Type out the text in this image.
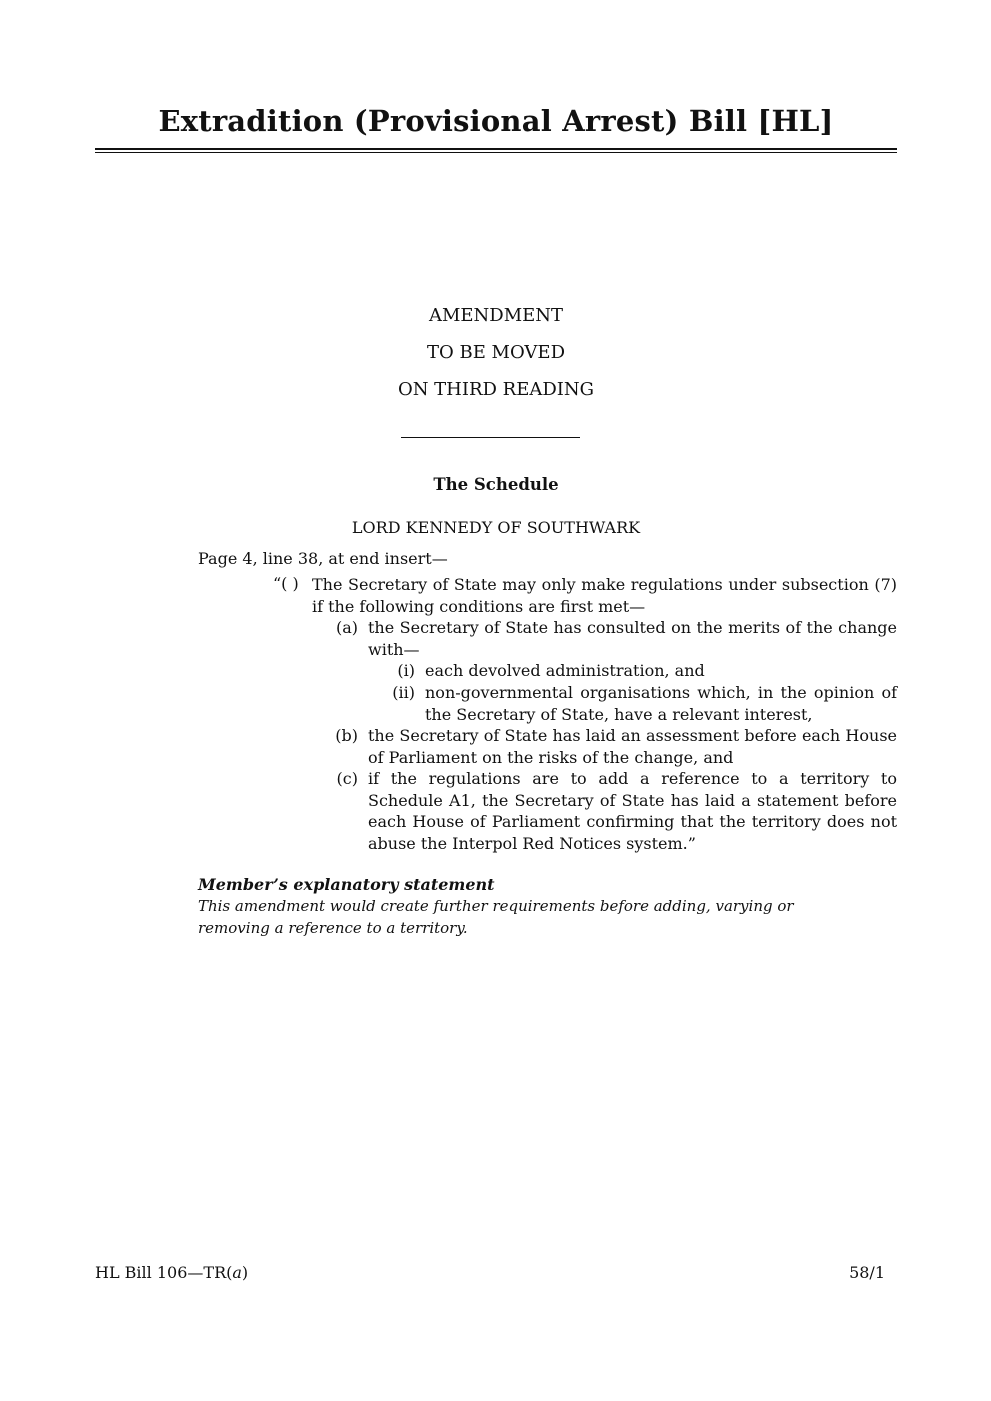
Extradition (Provisional Arrest) Bill [HL]
AMENDMENT
TO BE MOVED
ON THIRD READING
The Schedule
LORD KENNEDY OF SOUTHWARK
Page 4, line 38, at end insert—
“( ) The Secretary of State may only make regulations under subsection (7) if the following conditions are first met—
(a) the Secretary of State has consulted on the merits of the change with—
(i) each devolved administration, and
(ii) non-governmental organisations which, in the opinion of the Secretary of State, have a relevant interest,
(b) the Secretary of State has laid an assessment before each House of Parliament on the risks of the change, and
(c) if the regulations are to add a reference to a territory to Schedule A1, the Secretary of State has laid a statement before each House of Parliament confirming that the territory does not abuse the Interpol Red Notices system.”
Member’s explanatory statement
This amendment would create further requirements before adding, varying or removing a reference to a territory.
HL Bill 106—TR(a)	58/1
